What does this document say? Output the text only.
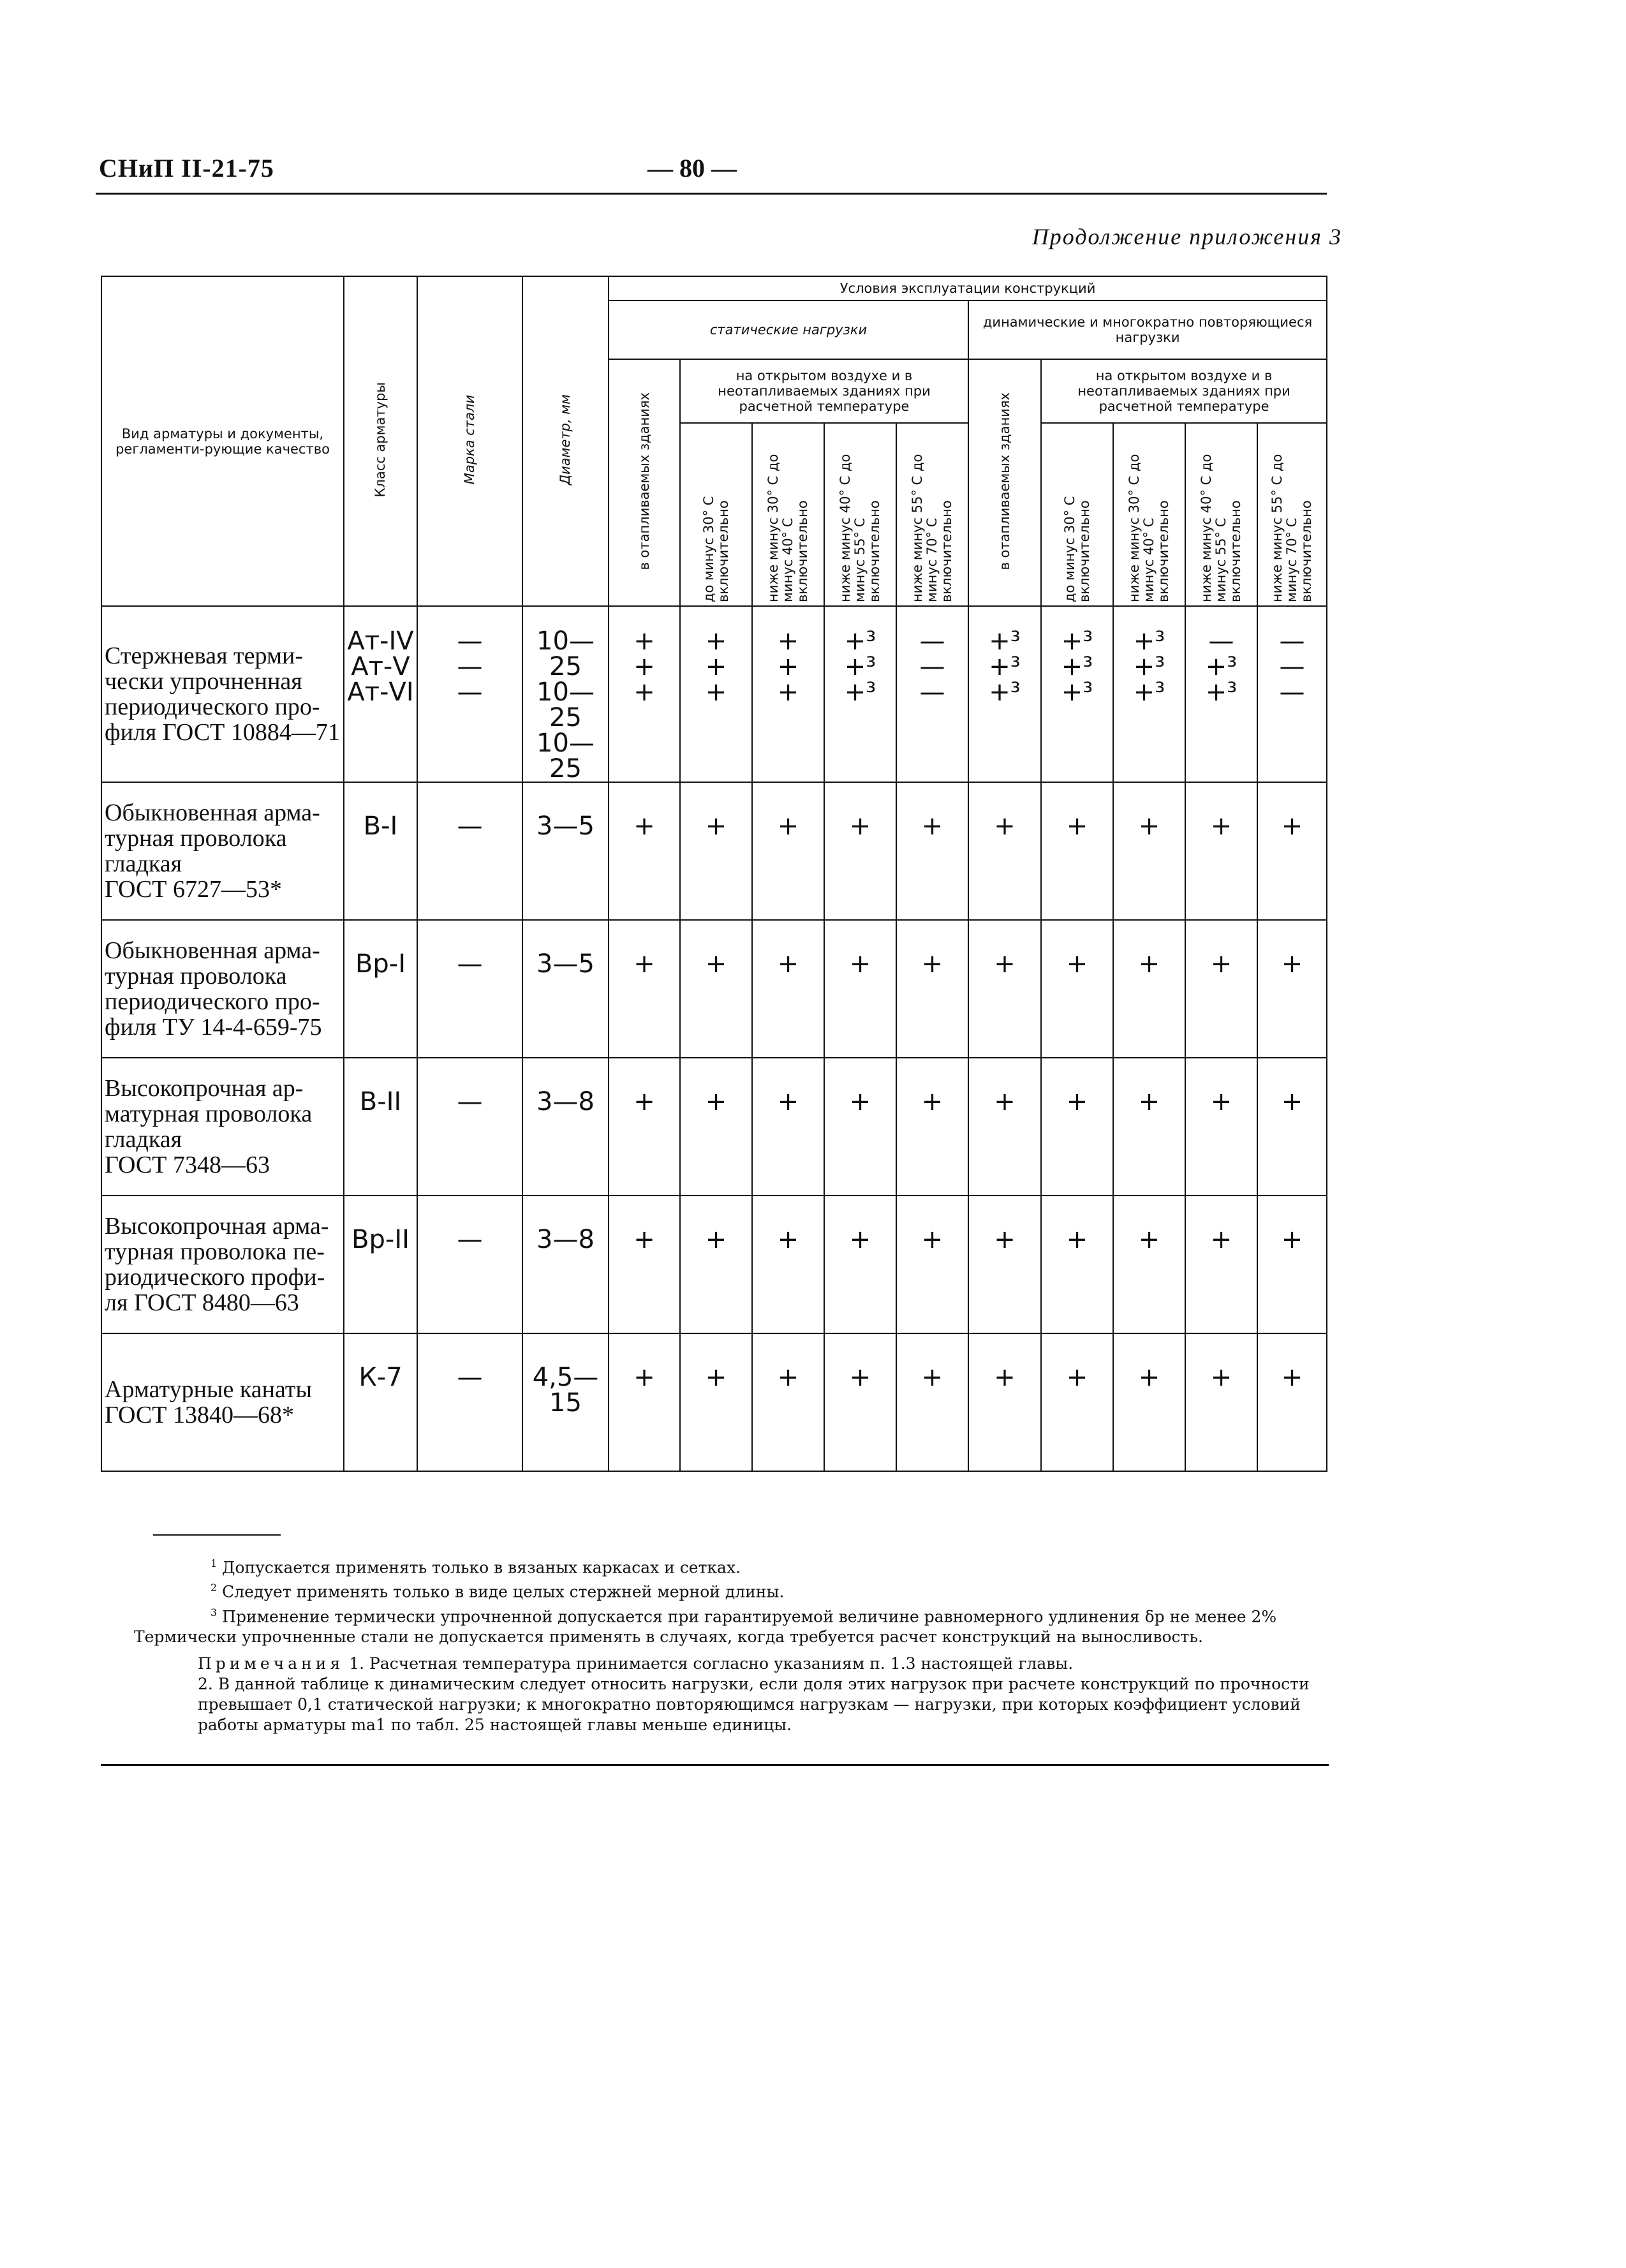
СНиП II-21-75	— 80 —
Продолжение приложения 3
Вид арматуры и документы, регламенти-рующие качество	Класс арматуры	Марка стали	Диаметр, мм	Условия эксплуатации конструкций									
				статические нагрузки					динамические и многократно повторяющиеся нагрузки				
				в отапливаемых зданиях	на открытом воздухе и в неотапливаемых зданиях при расчетной температуре				в отапливаемых зданиях	на открытом воздухе и в неотапливаемых зданиях при расчетной температуре			
					до минус 30° С включительно	ниже минус 30° С до минус 40° С включительно	ниже минус 40° С до минус 55° С включительно	ниже минус 55° С до минус 70° С включительно		до минус 30° С включительно	ниже минус 30° С до минус 40° С включительно	ниже минус 40° С до минус 55° С включительно	ниже минус 55° С до минус 70° С включительно

Стержневая терми-
чески упрочненная
периодического про-
филя ГОСТ 10884—71	Ат-IV
Ат-V
Ат-VI	—
—
—	10—25
10—25
10—25	+
+
+	+
+
+	+
+
+	+³
+³
+³	—
—
—	+³
+³
+³	+³
+³
+³	+³
+³
+³	—
+³
+³	—
—
—

Обыкновенная арма-
турная проволока
гладкая
ГОСТ 6727—53*	В-I	—	3—5	+	+	+	+	+	+	+	+	+	+

Обыкновенная арма-
турная проволока
периодического про-
филя ТУ 14-4-659-75	Вр-I	—	3—5	+	+	+	+	+	+	+	+	+	+

Высокопрочная ар-
матурная проволока
гладкая
ГОСТ 7348—63	В-II	—	3—8	+	+	+	+	+	+	+	+	+	+

Высокопрочная арма-
турная проволока пе-
риодического профи-
ля ГОСТ 8480—63	Вр-II	—	3—8	+	+	+	+	+	+	+	+	+	+

Арматурные канаты
ГОСТ 13840—68*	К-7	—	4,5—15	+	+	+	+	+	+	+	+	+	+

$^1$ Допускается применять только в вязаных каркасах и сетках.

$^2$ Следует применять только в виде целых стержней мерной длины.

$^3$ Применение термически упрочненной допускается при гарантируемой величине равномерного удлинения δp не менее 2%

Термически упрочненные стали не допускается применять в случаях, когда требуется расчет конструкций на выносливость.

Примечания 1. Расчетная температура принимается согласно указаниям п. 1.3 настоящей главы.

2. В данной таблице к динамическим следует относить нагрузки, если доля этих нагрузок при расчете конструкций по прочности превышает 0,1 статической нагрузки; к многократно повторяющимся нагрузкам — нагрузки, при которых коэффициент условий работы арматуры ma1 по табл. 25 настоящей главы меньше единицы.
